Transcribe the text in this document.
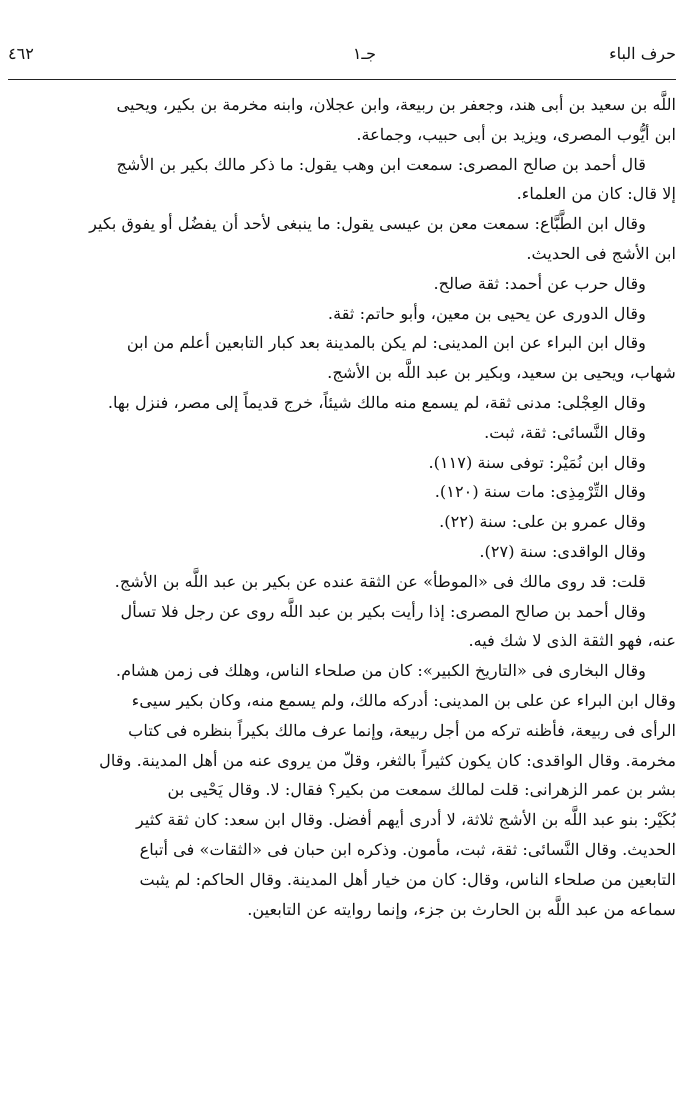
حرف الباء
جـ١
٤٦٢
اللَّه بن سعيد بن أبى هند، وجعفر بن ربيعة، وابن عجلان، وابنه مخرمة بن بكير، ويحيى
ابن أيُّوب المصرى، ويزيد بن أبى حبيب، وجماعة.
قال أحمد بن صالح المصرى: سمعت ابن وهب يقول: ما ذكر مالك بكير بن الأشج
إلا قال: كان من العلماء.
وقال ابن الطَّبَّاع: سمعت معن بن عيسى يقول: ما ينبغى لأحد أن يفضُل أو يفوق بكير
ابن الأشج فى الحديث.
وقال حرب عن أحمد: ثقة صالح.
وقال الدورى عن يحيى بن معين، وأبو حاتم: ثقة.
وقال ابن البراء عن ابن المدينى: لم يكن بالمدينة بعد كبار التابعين أعلم من ابن
شهاب، ويحيى بن سعيد، وبكير بن عبد اللَّه بن الأشج.
وقال العِجْلى: مدنى ثقة، لم يسمع منه مالك شيئاً، خرج قديماً إلى مصر، فنزل بها.
وقال النَّسائى: ثقة، ثبت.
وقال ابن نُمَيْر: توفى سنة (١١٧).
وقال التِّرْمِذِى: مات سنة (١٢٠).
وقال عمرو بن على: سنة (٢٢).
وقال الواقدى: سنة (٢٧).
قلت: قد روى مالك فى «الموطأ» عن الثقة عنده عن بكير بن عبد اللَّه بن الأشج.
وقال أحمد بن صالح المصرى: إذا رأيت بكير بن عبد اللَّه روى عن رجل فلا تسأل
عنه، فهو الثقة الذى لا شك فيه.
وقال البخارى فى «التاريخ الكبير»: كان من صلحاء الناس، وهلك فى زمن هشام.
وقال ابن البراء عن على بن المدينى: أدركه مالك، ولم يسمع منه، وكان بكير سيىء
الرأى فى ربيعة، فأظنه تركه من أجل ربيعة، وإنما عرف مالك بكيراً بنظره فى كتاب
مخرمة. وقال الواقدى: كان يكون كثيراً بالثغر، وقلّ من يروى عنه من أهل المدينة. وقال
بشر بن عمر الزهرانى: قلت لمالك سمعت من بكير؟ فقال: لا. وقال يَحْيى بن
بُكَيْر: بنو عبد اللَّه بن الأشج ثلاثة، لا أدرى أيهم أفضل. وقال ابن سعد: كان ثقة كثير
الحديث. وقال النَّسائى: ثقة، ثبت، مأمون. وذكره ابن حبان فى «الثقات» فى أتباع
التابعين من صلحاء الناس، وقال: كان من خيار أهل المدينة. وقال الحاكم: لم يثبت
سماعه من عبد اللَّه بن الحارث بن جزء، وإنما روايته عن التابعين.
